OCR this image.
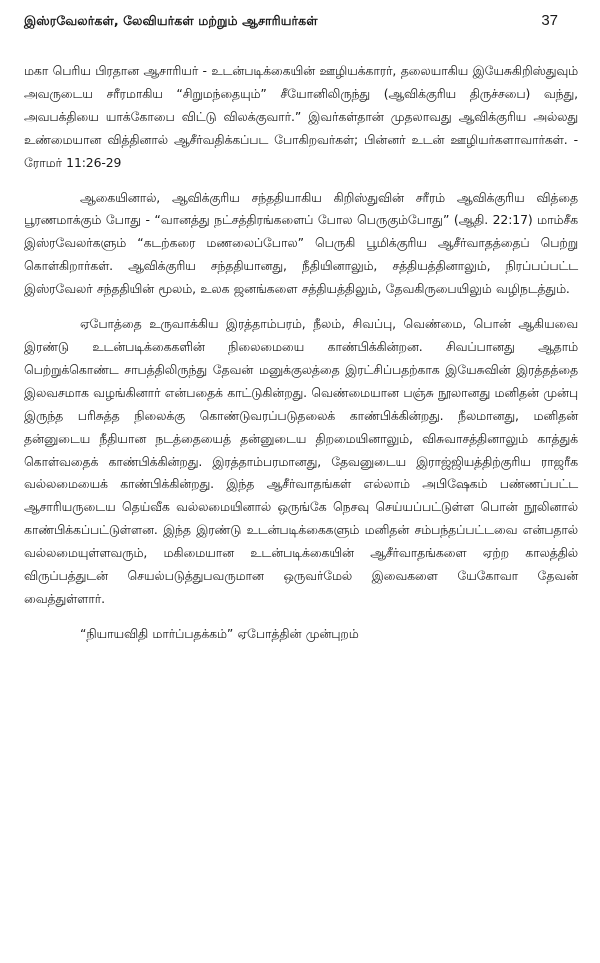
இஸ்ரவேலர்கள், லேவியர்கள் மற்றும் ஆசாரியர்கள்	37

மகா பெரிய பிரதான ஆசாரியர் - உடன்படிக்கையின் ஊழியக்காரர், தலையாகிய இயேசுகிறிஸ்துவும் அவருடைய சரீரமாகிய “சிறுமந்தையும்” சீயோனிலிருந்து (ஆவிக்குரிய திருச்சபை) வந்து, அவபக்தியை யாக்கோபை விட்டு விலக்குவார்.” இவர்கள்தான் முதலாவது ஆவிக்குரிய அல்லது உண்மையான வித்தினால் ஆசீர்வதிக்கப்பட போகிறவர்கள்; பின்னர் உடன் ஊழியர்களாவார்கள். - ரோமர் 11:26-29

ஆகையினால், ஆவிக்குரிய சந்ததியாகிய கிறிஸ்துவின் சரீரம் ஆவிக்குரிய வித்தை பூரணமாக்கும் போது - “வானத்து நட்சத்திரங்களைப் போல பெருகும்போது” (ஆதி. 22:17) மாம்சீக இஸ்ரவேலர்களும் “கடற்கரை மணலைப்போல” பெருகி பூமிக்குரிய ஆசீர்வாதத்தைப் பெற்று கொள்கிறார்கள். ஆவிக்குரிய சந்ததியானது, நீதியினாலும், சத்தியத்தினாலும், நிரப்பப்பட்ட இஸ்ரவேலர் சந்ததியின் மூலம், உலக ஜனங்களை சத்தியத்திலும், தேவகிருபையிலும் வழிநடத்தும்.

ஏபோத்தை உருவாக்கிய இரத்தாம்பரம், நீலம், சிவப்பு, வெண்மை, பொன் ஆகியவை இரண்டு உடன்படிக்கைகளின் நிலைமையை காண்பிக்கின்றன. சிவப்பானது ஆதாம் பெற்றுக்கொண்ட சாபத்திலிருந்து தேவன் மனுக்குலத்தை இரட்சிப்பதற்காக இயேசுவின் இரத்தத்தை இலவசமாக வழங்கினார் என்பதைக் காட்டுகின்றது. வெண்மையான பஞ்சு நூலானது மனிதன் முன்பு இருந்த பரிசுத்த நிலைக்கு கொண்டுவரப்படுதலைக் காண்பிக்கின்றது. நீலமானது, மனிதன் தன்னுடைய நீதியான நடத்தையைத் தன்னுடைய திறமையினாலும், விசுவாசத்தினாலும் காத்துக் கொள்வதைக் காண்பிக்கின்றது. இரத்தாம்பரமானது, தேவனுடைய இராஜ்ஜியத்திற்குரிய ராஜரீக வல்லமையைக் காண்பிக்கின்றது. இந்த ஆசீர்வாதங்கள் எல்லாம் அபிஷேகம் பண்ணப்பட்ட ஆசாரியருடைய தெய்வீக வல்லமையினால் ஒருங்கே நெசவு செய்யப்பட்டுள்ள பொன் நூலினால் காண்பிக்கப்பட்டுள்ளன. இந்த இரண்டு உடன்படிக்கைகளும் மனிதன் சம்பந்தப்பட்டவை என்பதால் வல்லமையுள்ளவரும், மகிமையான உடன்படிக்கையின் ஆசீர்வாதங்களை ஏற்ற காலத்தில் விருப்பத்துடன் செயல்படுத்துபவருமான ஒருவர்மேல் இவைகளை யேகோவா தேவன் வைத்துள்ளார்.

“நியாயவிதி மார்ப்பதக்கம்” ஏபோத்தின் முன்புறம்
